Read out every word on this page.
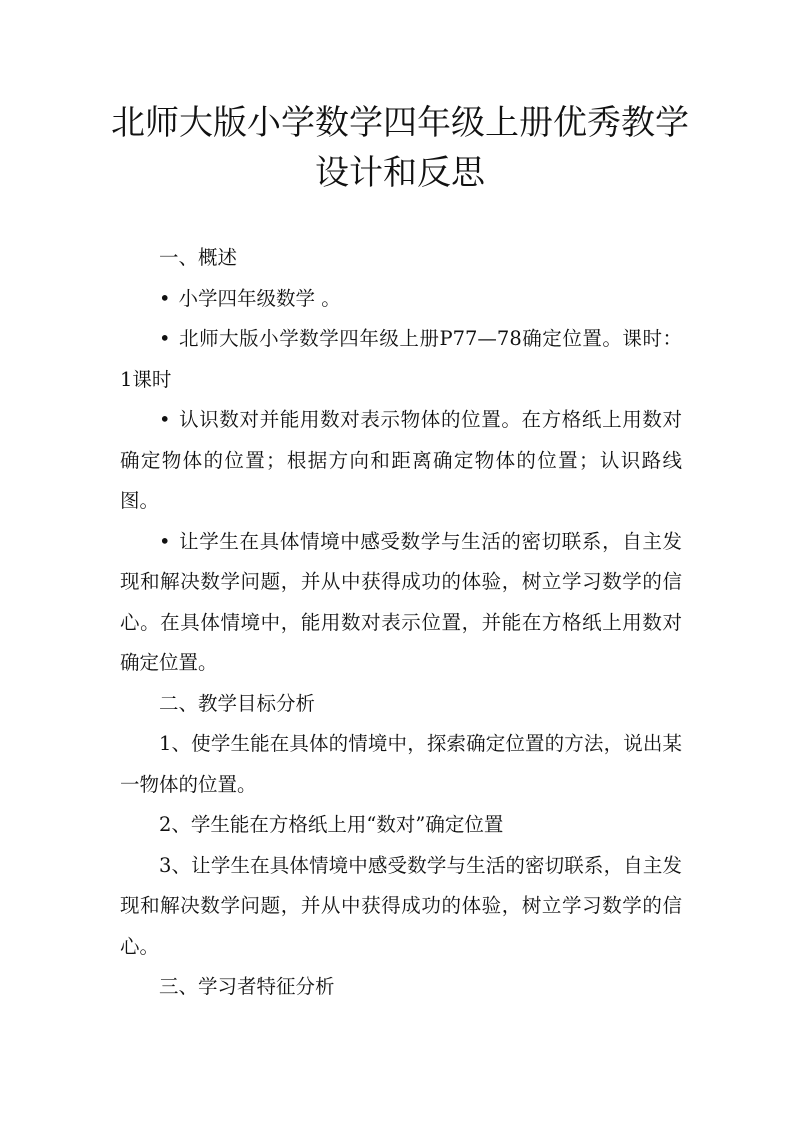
北师大版小学数学四年级上册优秀教学
设计和反思

一、概述

• 小学四年级数学 。

• 北师大版小学数学四年级上册P77—78确定位置。课时：1课时

• 认识数对并能用数对表示物体的位置。在方格纸上用数对确定物体的位置；根据方向和距离确定物体的位置；认识路线图。

• 让学生在具体情境中感受数学与生活的密切联系，自主发现和解决数学问题，并从中获得成功的体验，树立学习数学的信心。在具体情境中，能用数对表示位置，并能在方格纸上用数对确定位置。

二、教学目标分析

1、使学生能在具体的情境中，探索确定位置的方法，说出某一物体的位置。

2、学生能在方格纸上用“数对”确定位置

3、让学生在具体情境中感受数学与生活的密切联系，自主发现和解决数学问题，并从中获得成功的体验，树立学习数学的信心。

三、学习者特征分析
